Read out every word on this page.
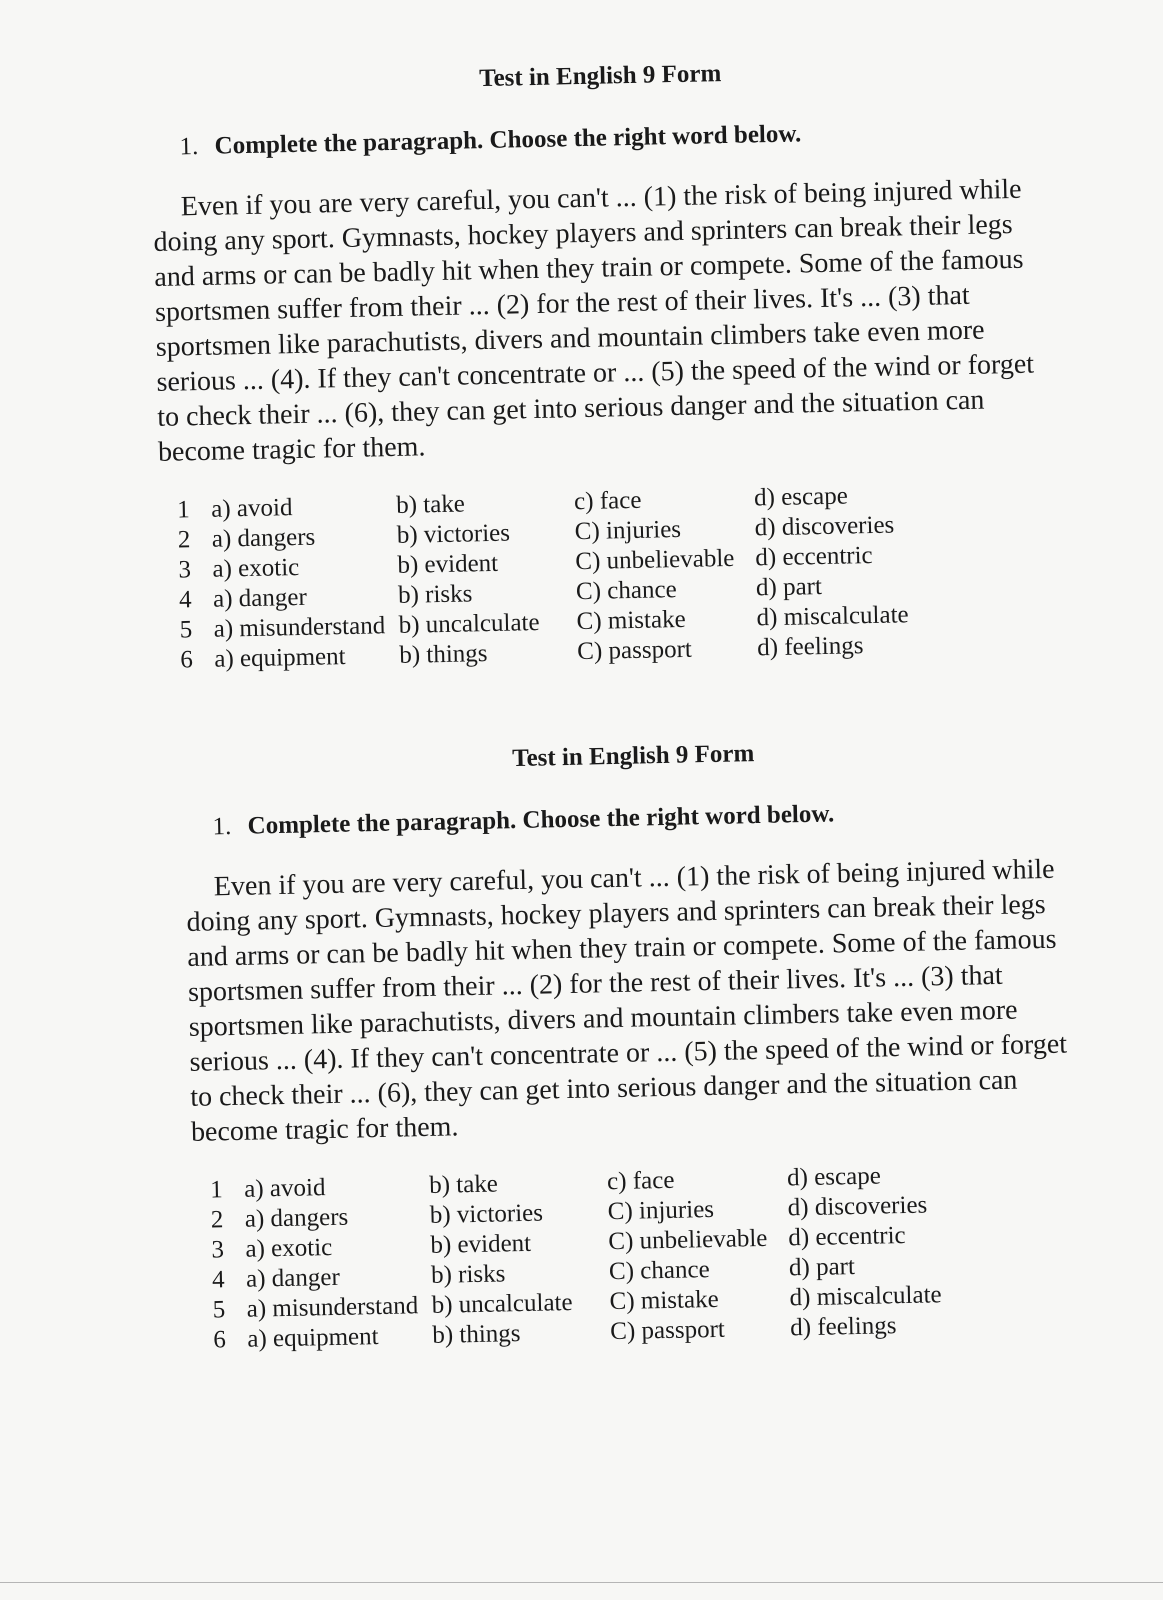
Test in English 9 Form
1. Complete the paragraph. Choose the right word below.
Even if you are very careful, you can't ... (1) the risk of being injured while doing any sport. Gymnasts, hockey players and sprinters can break their legs and arms or can be badly hit when they train or compete. Some of the famous sportsmen suffer from their ... (2) for the rest of their lives. It's ... (3) that sportsmen like parachutists, divers and mountain climbers take even more serious ... (4). If they can't concentrate or ... (5) the speed of the wind or forget to check their ... (6), they can get into serious danger and the situation can become tragic for them.
1 a) avoid	b) take	c) face	d) escape
2 a) dangers	b) victories	C) injuries	d) discoveries
3 a) exotic	b) evident	C) unbelievable d) eccentric
4 a) danger	b) risks	C) chance	d) part
5 a) misunderstand b) uncalculate	C) mistake	d) miscalculate
6 a) equipment	b) things	C) passport	d) feelings
Test in English 9 Form
1. Complete the paragraph. Choose the right word below.
Even if you are very careful, you can't ... (1) the risk of being injured while doing any sport. Gymnasts, hockey players and sprinters can break their legs and arms or can be badly hit when they train or compete. Some of the famous sportsmen suffer from their ... (2) for the rest of their lives. It's ... (3) that sportsmen like parachutists, divers and mountain climbers take even more serious ... (4). If they can't concentrate or ... (5) the speed of the wind or forget to check their ... (6), they can get into serious danger and the situation can become tragic for them.
1 a) avoid	b) take	c) face	d) escape
2 a) dangers	b) victories	C) injuries	d) discoveries
3 a) exotic	b) evident	C) unbelievable d) eccentric
4 a) danger	b) risks	C) chance	d) part
5 a) misunderstand b) uncalculate	C) mistake	d) miscalculate
6 a) equipment	b) things	C) passport	d) feelings
